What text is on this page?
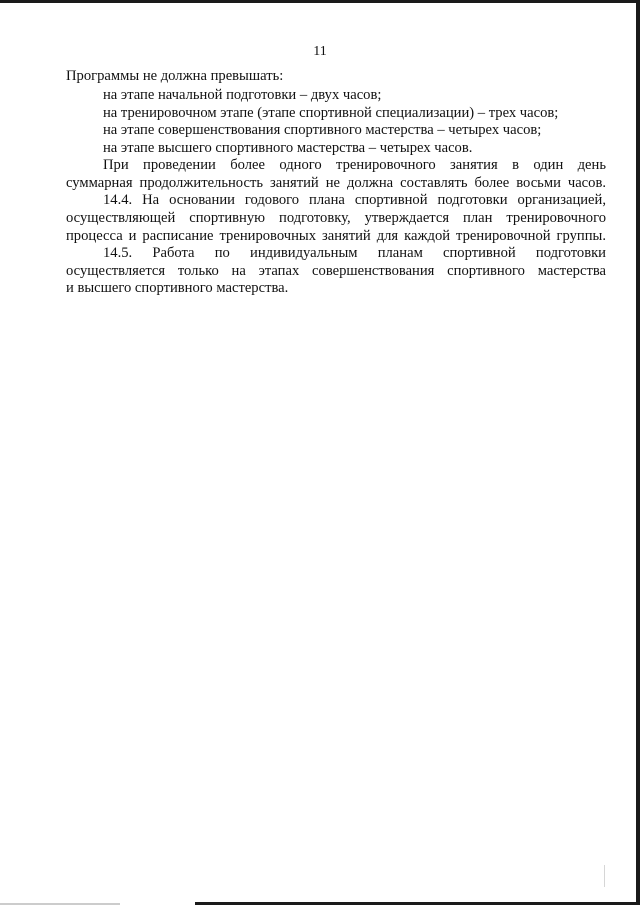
11
Программы не должна превышать:
на этапе начальной подготовки – двух часов;
на тренировочном этапе (этапе спортивной специализации) – трех часов;
на этапе совершенствования спортивного мастерства – четырех часов;
на этапе высшего спортивного мастерства – четырех часов.
При проведении более одного тренировочного занятия в один день
суммарная продолжительность занятий не должна составлять более восьми часов.
14.4. На основании годового плана спортивной подготовки организацией,
осуществляющей спортивную подготовку, утверждается план тренировочного
процесса и расписание тренировочных занятий для каждой тренировочной группы.
14.5. Работа по индивидуальным планам спортивной подготовки
осуществляется только на этапах совершенствования спортивного мастерства
и высшего спортивного мастерства.
